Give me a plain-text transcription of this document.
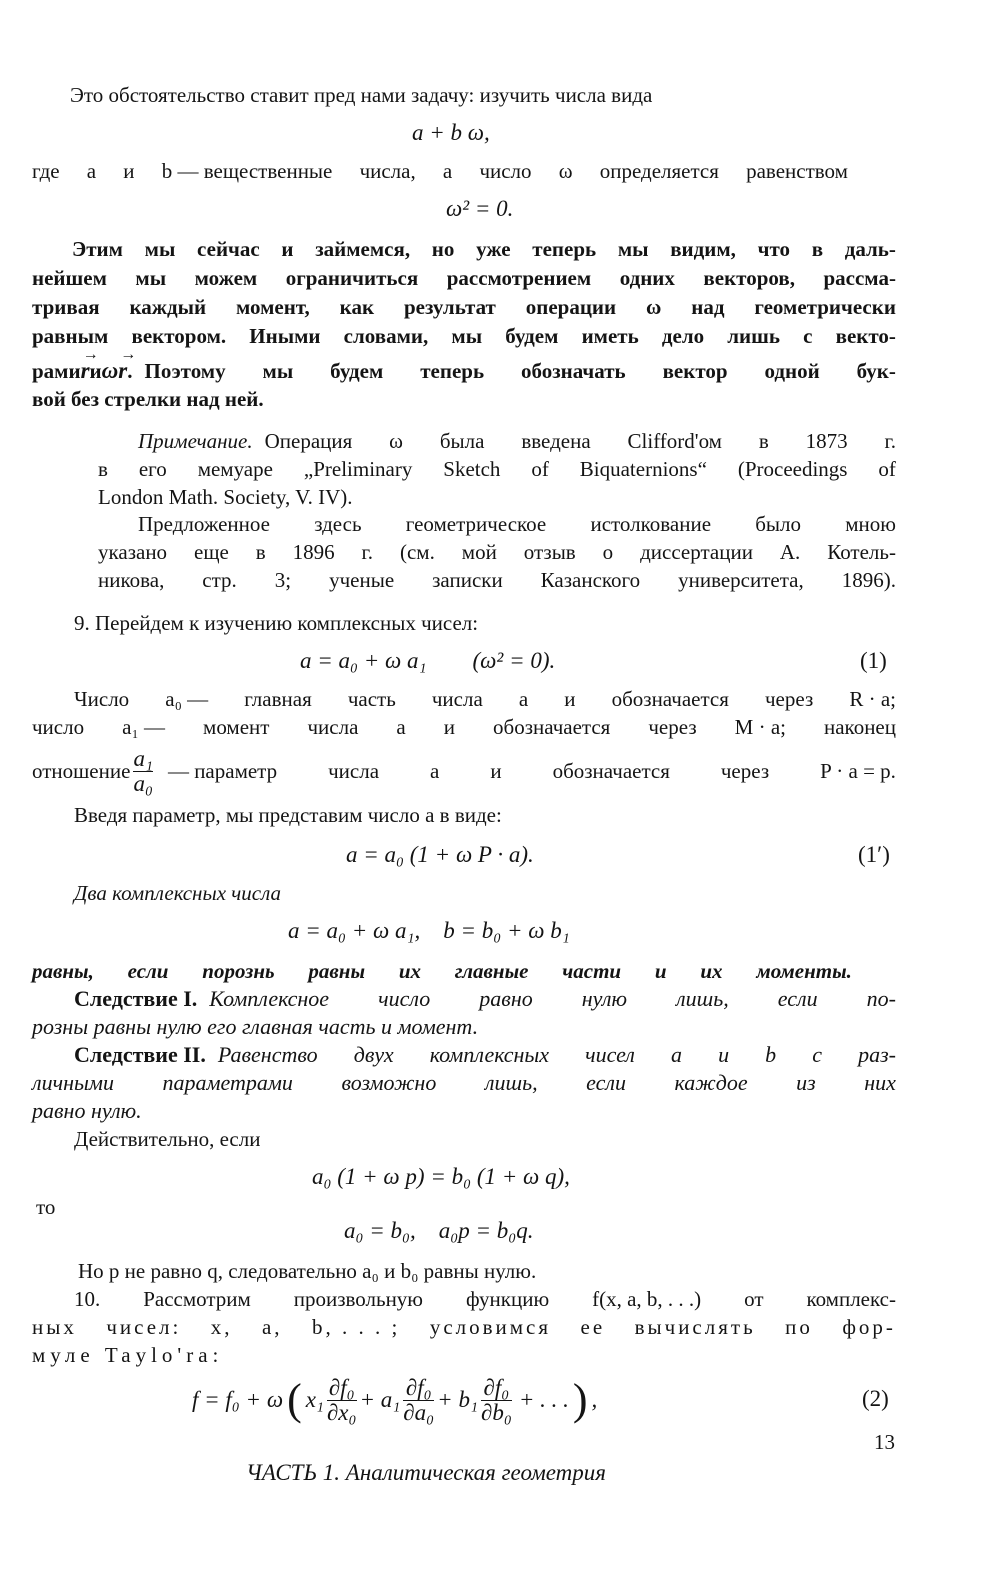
Это обстоятельство ставит пред нами задачу: изучить числа вида
a + b ω,
где a и b — вещественные числа, а число ω определяется равенством
ω² = 0.
Этим мы сейчас и займемся, но уже теперь мы видим, что в даль-
нейшем мы можем ограничиться рассмотрением одних векторов, рассма-
тривая каждый момент, как результат операции ω над геометрически
равным вектором. Иными словами, мы будем иметь дело лишь с векто-
рами → r и ω→ r. Поэтому мы будем теперь обозначать вектор одной бук-
вой без стрелки над ней.
Примечание. Операция ω была введена Clifford'ом в 1873 г.
в его мемуаре „Preliminary Sketch of Biquaternions“ (Proceedings of
London Math. Society, V. IV).
Предложенное здесь геометрическое истолкование было мною
указано еще в 1896 г. (см. мой отзыв о диссертации А. Котель-
никова, стр. 3; ученые записки Казанского университета, 1896).
9. Перейдем к изучению комплексных чисел:
a = a₀ + ω a₁        (ω² = 0).	(1)
Число a₀ — главная часть числа a и обозначается через R · a;
число a₁ — момент числа a и обозначается через M · a; наконец
отношение $\frac{\text{a₁}}{\text{a₀}}$ — параметр числа a и обозначается через P · a = p.
Введя параметр, мы представим число a в виде:
a = a₀ (1 + ω P · a).	(1′)
Два комплексных числа
a = a₀ + ω a₁,    b = b₀ + ω b₁
равны, если порознь равны их главные части и их моменты.
Следствие I. Комплексное число равно нулю лишь, если по-
розны равны нулю его главная часть и момент.
Следствие II. Равенство двух комплексных чисел a и b с раз-
личными параметрами возможно лишь, если каждое из них
равно нулю.
Действительно, если
a₀ (1 + ω p) = b₀ (1 + ω q),
то
a₀ = b₀,    a₀p = b₀q.
Но p не равно q, следовательно a₀ и b₀ равны нулю.
10. Рассмотрим произвольную функцию f(x, a, b, . . .) от комплекс-
ных чисел: x, a, b, . . . ; условимся ее вычислять по фор-
муле Taylo'ra:
f = f₀ + ω ( $x_1 \frac{\text{∂f₀}}{\text{∂x₀}} + a_1 \frac{\text{∂f₀}}{\text{∂a₀}} + b_1 \frac{\text{∂f₀}}{\text{∂b₀}}$ + . . . ) ,	(2)
ЧАСТЬ 1. Аналитическая геометрия
13
